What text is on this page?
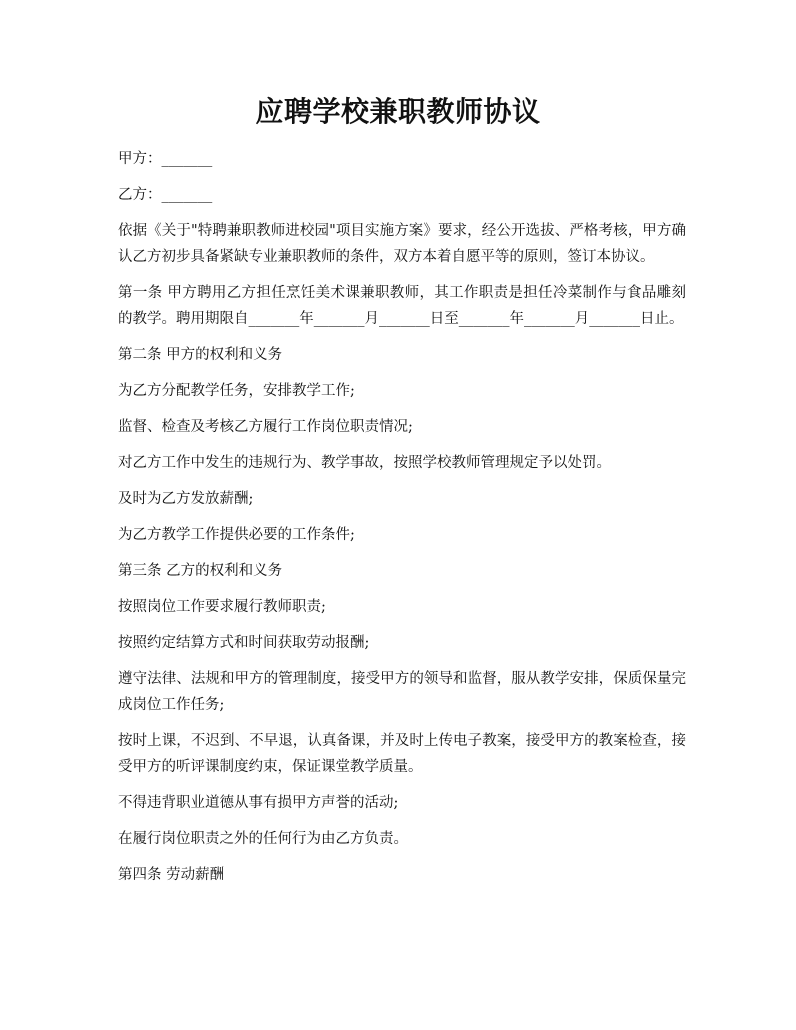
应聘学校兼职教师协议

甲方：_______

乙方：_______

依据《关于"特聘兼职教师进校园"项目实施方案》要求，经公开选拔、严格考核，甲方确认乙方初步具备紧缺专业兼职教师的条件，双方本着自愿平等的原则，签订本协议。

第一条 甲方聘用乙方担任烹饪美术课兼职教师，其工作职责是担任冷菜制作与食品雕刻的教学。聘用期限自_______年_______月_______日至_______年_______月_______日止。

第二条 甲方的权利和义务

为乙方分配教学任务，安排教学工作;

监督、检查及考核乙方履行工作岗位职责情况;

对乙方工作中发生的违规行为、教学事故，按照学校教师管理规定予以处罚。

及时为乙方发放薪酬;

为乙方教学工作提供必要的工作条件;

第三条 乙方的权利和义务

按照岗位工作要求履行教师职责;

按照约定结算方式和时间获取劳动报酬;

遵守法律、法规和甲方的管理制度，接受甲方的领导和监督，服从教学安排，保质保量完成岗位工作任务;

按时上课，不迟到、不早退，认真备课，并及时上传电子教案，接受甲方的教案检查，接受甲方的听评课制度约束，保证课堂教学质量。

不得违背职业道德从事有损甲方声誉的活动;

在履行岗位职责之外的任何行为由乙方负责。

第四条 劳动薪酬
